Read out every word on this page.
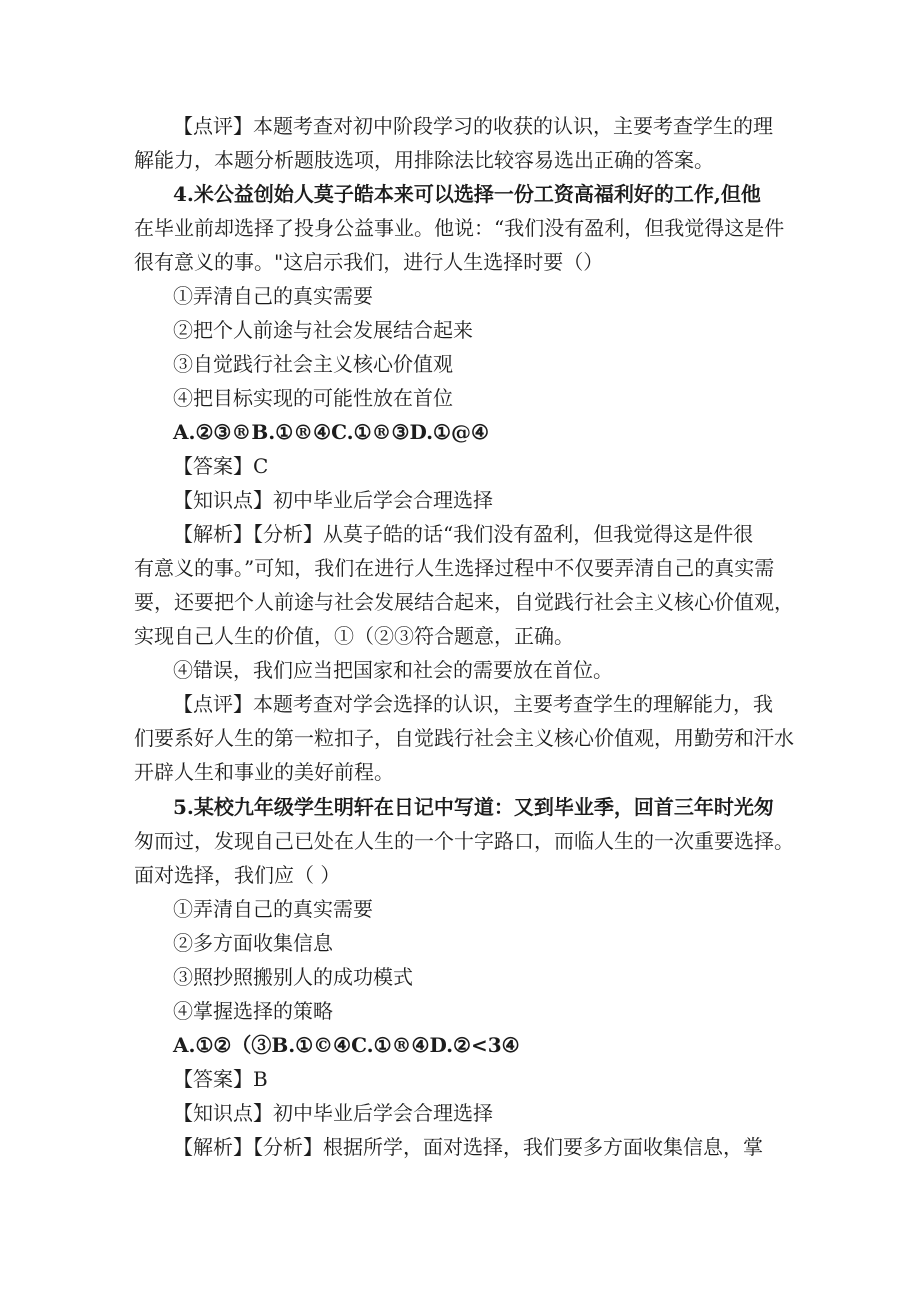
【点评】本题考查对初中阶段学习的收获的认识，主要考查学生的理

解能力，本题分析题肢选项，用排除法比较容易选出正确的答案。

4.米公益创始人莫子皓本来可以选择一份工资高福利好的工作,但他

在毕业前却选择了投身公益事业。他说：“我们没有盈利，但我觉得这是件

很有意义的事。"这启示我们，进行人生选择时要（）

①弄清自己的真实需要

②把个人前途与社会发展结合起来

③自觉践行社会主义核心价值观

④把目标实现的可能性放在首位

A.②③®B.①®④C.①®③D.①@④

【答案】C

【知识点】初中毕业后学会合理选择

【解析】【分析】从莫子皓的话“我们没有盈利，但我觉得这是件很

有意义的事。”可知，我们在进行人生选择过程中不仅要弄清自己的真实需

要，还要把个人前途与社会发展结合起来，自觉践行社会主义核心价值观，

实现自己人生的价值，①（②③符合题意，正确。

④错误，我们应当把国家和社会的需要放在首位。

【点评】本题考查对学会选择的认识，主要考查学生的理解能力，我

们要系好人生的第一粒扣子，自觉践行社会主义核心价值观，用勤劳和汗水

开辟人生和事业的美好前程。

5.某校九年级学生明轩在日记中写道：又到毕业季，回首三年时光匆

匆而过，发现自己已处在人生的一个十字路口，而临人生的一次重要选择。

面对选择，我们应（ ）

①弄清自己的真实需要

②多方面收集信息

③照抄照搬别人的成功模式

④掌握选择的策略

A.①②（③B.①©④C.①®④D.②<3④

【答案】B

【知识点】初中毕业后学会合理选择

【解析】【分析】根据所学，面对选择，我们要多方面收集信息，掌
